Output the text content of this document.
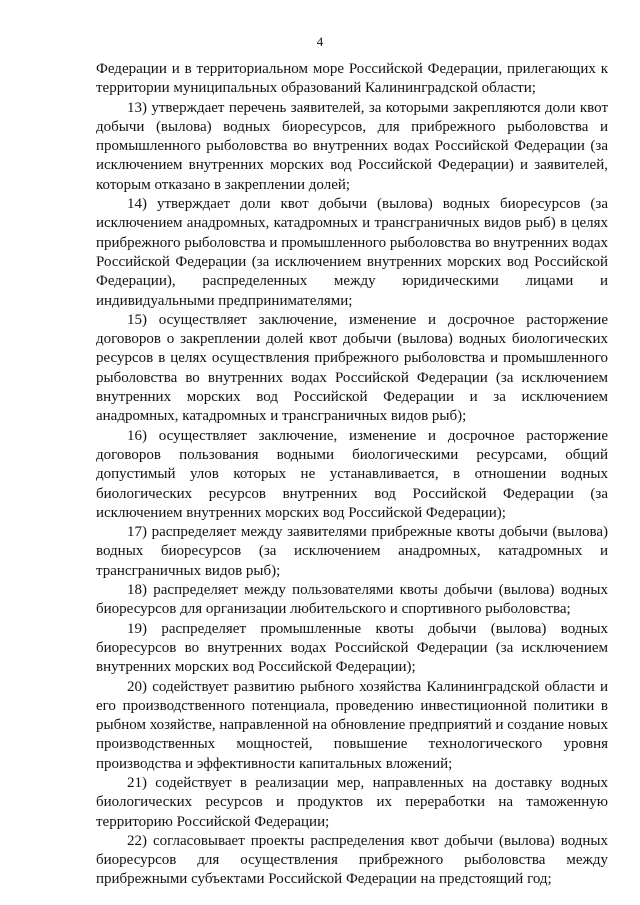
4

Федерации и в территориальном море Российской Федерации, прилегающих к территории муниципальных образований Калининградской области;

13) утверждает перечень заявителей, за которыми закрепляются доли квот добычи (вылова) водных биоресурсов, для прибрежного рыболовства и промышленного рыболовства во внутренних водах Российской Федерации (за исключением внутренних морских вод Российской Федерации) и заявителей, которым отказано в закреплении долей;

14) утверждает доли квот добычи (вылова) водных биоресурсов (за исключением анадромных, катадромных и трансграничных видов рыб) в целях прибрежного рыболовства и промышленного рыболовства во внутренних водах Российской Федерации (за исключением внутренних морских вод Российской Федерации), распределенных между юридическими лицами и индивидуальными предпринимателями;

15) осуществляет заключение, изменение и досрочное расторжение договоров о закреплении долей квот добычи (вылова) водных биологических ресурсов в целях осуществления прибрежного рыболовства и промышленного рыболовства во внутренних водах Российской Федерации (за исключением внутренних морских вод Российской Федерации и за исключением анадромных, катадромных и трансграничных видов рыб);

16) осуществляет заключение, изменение и досрочное расторжение договоров пользования водными биологическими ресурсами, общий допустимый улов которых не устанавливается, в отношении водных биологических ресурсов внутренних вод Российской Федерации (за исключением внутренних морских вод Российской Федерации);

17) распределяет между заявителями прибрежные квоты добычи (вылова) водных биоресурсов (за исключением анадромных, катадромных и трансграничных видов рыб);

18) распределяет между пользователями квоты добычи (вылова) водных биоресурсов для организации любительского и спортивного рыболовства;

19) распределяет промышленные квоты добычи (вылова) водных биоресурсов во внутренних водах Российской Федерации (за исключением внутренних морских вод Российской Федерации);

20) содействует развитию рыбного хозяйства Калининградской области и его производственного потенциала, проведению инвестиционной политики в рыбном хозяйстве, направленной на обновление предприятий и создание новых производственных мощностей, повышение технологического уровня производства и эффективности капитальных вложений;

21) содействует в реализации мер, направленных на доставку водных биологических ресурсов и продуктов их переработки на таможенную территорию Российской Федерации;

22) согласовывает проекты распределения квот добычи (вылова) водных биоресурсов для осуществления прибрежного рыболовства между прибрежными субъектами Российской Федерации на предстоящий год;
